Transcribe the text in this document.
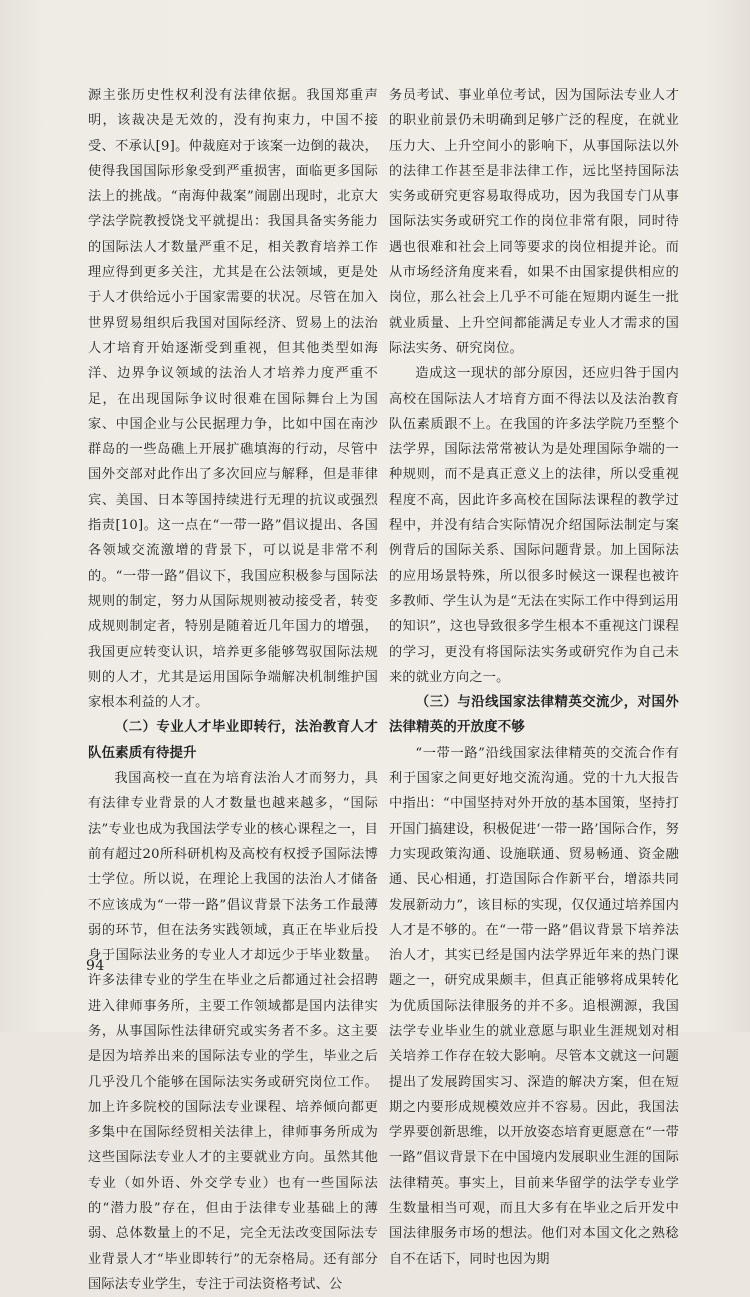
源主张历史性权利没有法律依据。我国郑重声明，该裁决是无效的，没有拘束力，中国不接受、不承认[9]。仲裁庭对于该案一边倒的裁决，使得我国国际形象受到严重损害，面临更多国际法上的挑战。“南海仲裁案”闹剧出现时，北京大学法学院教授饶戈平就提出：我国具备实务能力的国际法人才数量严重不足，相关教育培养工作理应得到更多关注，尤其是在公法领域，更是处于人才供给远小于国家需要的状况。尽管在加入世界贸易组织后我国对国际经济、贸易上的法治人才培育开始逐渐受到重视，但其他类型如海洋、边界争议领域的法治人才培养力度严重不足，在出现国际争议时很难在国际舞台上为国家、中国企业与公民据理力争，比如中国在南沙群岛的一些岛礁上开展扩礁填海的行动，尽管中国外交部对此作出了多次回应与解释，但是菲律宾、美国、日本等国持续进行无理的抗议或强烈指责[10]。这一点在“一带一路”倡议提出、各国各领域交流激增的背景下，可以说是非常不利的。“一带一路”倡议下，我国应积极参与国际法规则的制定，努力从国际规则被动接受者，转变成规则制定者，特别是随着近几年国力的增强，我国更应转变认识，培养更多能够驾驭国际法规则的人才，尤其是运用国际争端解决机制维护国家根本利益的人才。

（二）专业人才毕业即转行，法治教育人才队伍素质有待提升

我国高校一直在为培育法治人才而努力，具有法律专业背景的人才数量也越来越多，“国际法”专业也成为我国法学专业的核心课程之一，目前有超过20所科研机构及高校有权授予国际法博士学位。所以说，在理论上我国的法治人才储备不应该成为“一带一路”倡议背景下法务工作最薄弱的环节，但在法务实践领域，真正在毕业后投身于国际法业务的专业人才却远少于毕业数量。许多法律专业的学生在毕业之后都通过社会招聘进入律师事务所，主要工作领域都是国内法律实务，从事国际性法律研究或实务者不多。这主要是因为培养出来的国际法专业的学生，毕业之后几乎没几个能够在国际法实务或研究岗位工作。加上许多院校的国际法专业课程、培养倾向都更多集中在国际经贸相关法律上，律师事务所成为这些国际法专业人才的主要就业方向。虽然其他专业（如外语、外交学专业）也有一些国际法的“潜力股”存在，但由于法律专业基础上的薄弱、总体数量上的不足，完全无法改变国际法专业背景人才“毕业即转行”的无奈格局。还有部分国际法专业学生，专注于司法资格考试、公

务员考试、事业单位考试，因为国际法专业人才的职业前景仍未明确到足够广泛的程度，在就业压力大、上升空间小的影响下，从事国际法以外的法律工作甚至是非法律工作，远比坚持国际法实务或研究更容易取得成功，因为我国专门从事国际法实务或研究工作的岗位非常有限，同时待遇也很难和社会上同等要求的岗位相提并论。而从市场经济角度来看，如果不由国家提供相应的岗位，那么社会上几乎不可能在短期内诞生一批就业质量、上升空间都能满足专业人才需求的国际法实务、研究岗位。

造成这一现状的部分原因，还应归咎于国内高校在国际法人才培育方面不得法以及法治教育队伍素质跟不上。在我国的许多法学院乃至整个法学界，国际法常常被认为是处理国际争端的一种规则，而不是真正意义上的法律，所以受重视程度不高，因此许多高校在国际法课程的教学过程中，并没有结合实际情况介绍国际法制定与案例背后的国际关系、国际问题背景。加上国际法的应用场景特殊，所以很多时候这一课程也被许多教师、学生认为是“无法在实际工作中得到运用的知识”，这也导致很多学生根本不重视这门课程的学习，更没有将国际法实务或研究作为自己未来的就业方向之一。

（三）与沿线国家法律精英交流少，对国外法律精英的开放度不够

“一带一路”沿线国家法律精英的交流合作有利于国家之间更好地交流沟通。党的十九大报告中指出：“中国坚持对外开放的基本国策，坚持打开国门搞建设，积极促进‘一带一路’国际合作，努力实现政策沟通、设施联通、贸易畅通、资金融通、民心相通，打造国际合作新平台，增添共同发展新动力”，该目标的实现，仅仅通过培养国内人才是不够的。在“一带一路”倡议背景下培养法治人才，其实已经是国内法学界近年来的热门课题之一，研究成果颇丰，但真正能够将成果转化为优质国际法律服务的并不多。追根溯源，我国法学专业毕业生的就业意愿与职业生涯规划对相关培养工作存在较大影响。尽管本文就这一问题提出了发展跨国实习、深造的解决方案，但在短期之内要形成规模效应并不容易。因此，我国法学界要创新思维，以开放姿态培育更愿意在“一带一路”倡议背景下在中国境内发展职业生涯的国际法律精英。事实上，目前来华留学的法学专业学生数量相当可观，而且大多有在毕业之后开发中国法律服务市场的想法。他们对本国文化之熟稔自不在话下，同时也因为期

94
